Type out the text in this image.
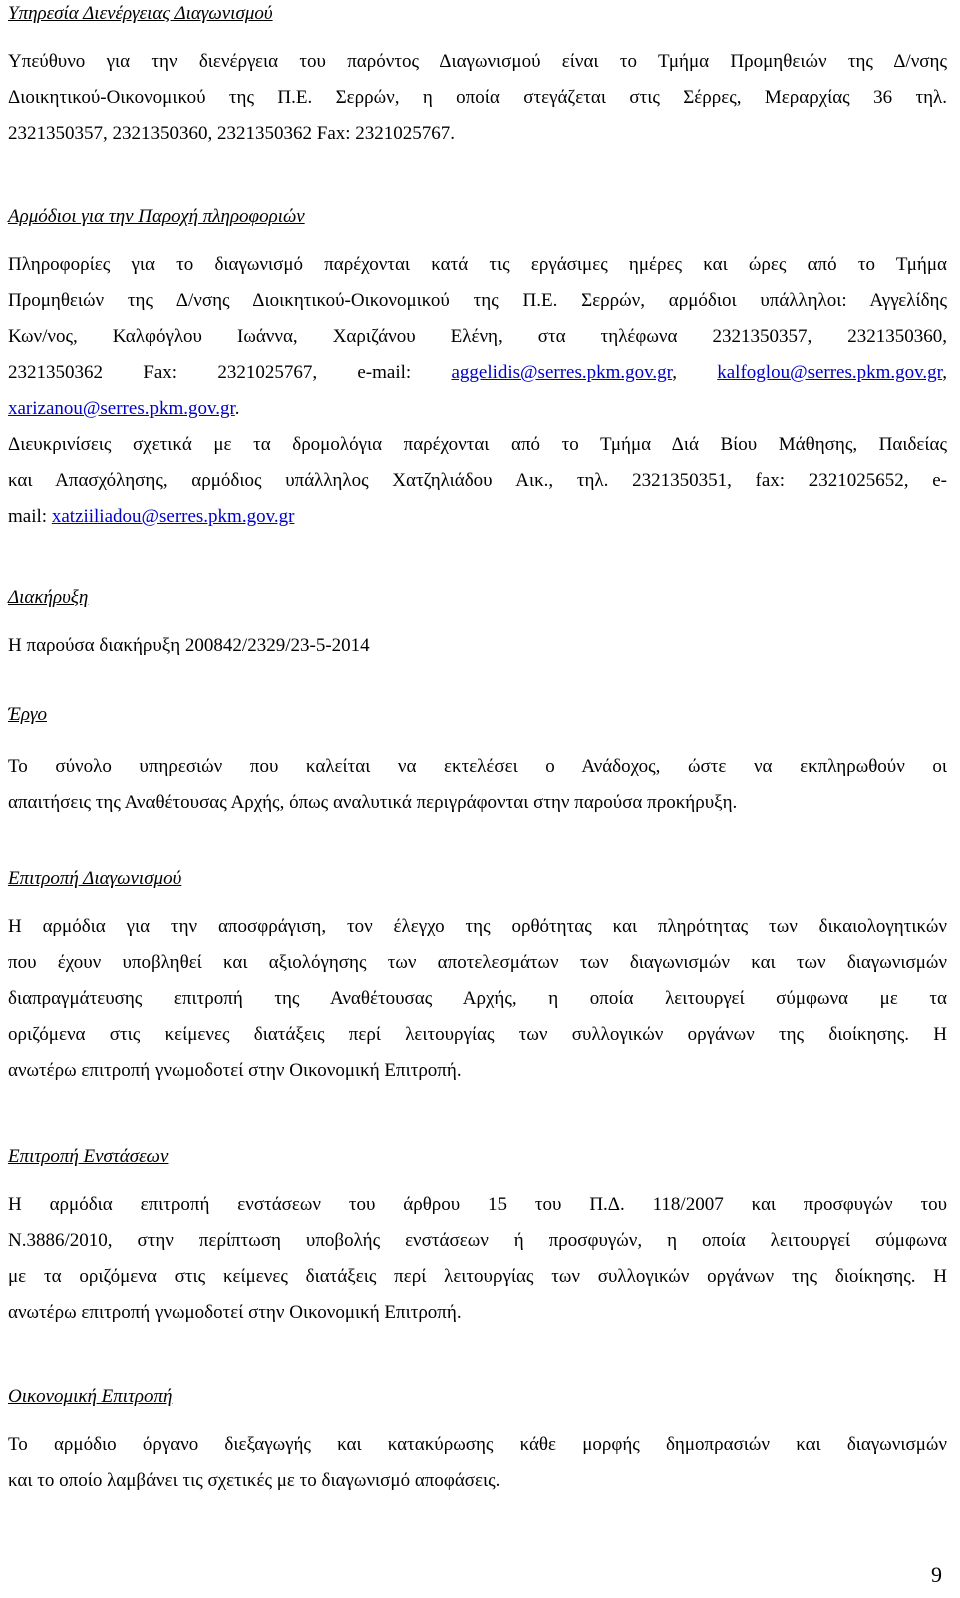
Υπηρεσία Διενέργειας Διαγωνισμού
Υπεύθυνο για την διενέργεια του παρόντος Διαγωνισμού είναι το Τμήμα Προμηθειών της Δ/νσης
Διοικητικού-Οικονομικού της Π.Ε. Σερρών, η οποία στεγάζεται στις Σέρρες, Μεραρχίας 36 τηλ.
2321350357, 2321350360, 2321350362 Fax: 2321025767.
Αρμόδιοι για την Παροχή πληροφοριών
Πληροφορίες για το διαγωνισμό παρέχονται κατά τις εργάσιμες ημέρες και ώρες από το Τμήμα
Προμηθειών της Δ/νσης Διοικητικού-Οικονομικού της Π.Ε. Σερρών, αρμόδιοι υπάλληλοι: Αγγελίδης
Κων/νος, Καλφόγλου Ιωάννα, Χαριζάνου Ελένη, στα τηλέφωνα 2321350357, 2321350360,
2321350362 Fax: 2321025767, e-mail: aggelidis@serres.pkm.gov.gr, kalfoglou@serres.pkm.gov.gr,
xarizanou@serres.pkm.gov.gr.
Διευκρινίσεις σχετικά με τα δρομολόγια παρέχονται από το Τμήμα Διά Βίου Μάθησης, Παιδείας
και Απασχόλησης, αρμόδιος υπάλληλος Χατζηλιάδου Αικ., τηλ. 2321350351, fax: 2321025652, e-
mail: xatziiliadou@serres.pkm.gov.gr
Διακήρυξη
Η παρούσα διακήρυξη 200842/2329/23-5-2014
Έργο
Το σύνολο υπηρεσιών που καλείται να εκτελέσει ο Ανάδοχος, ώστε να εκπληρωθούν οι
απαιτήσεις της Αναθέτουσας Αρχής, όπως αναλυτικά περιγράφονται στην παρούσα προκήρυξη.
Επιτροπή Διαγωνισμού
Η αρμόδια για την αποσφράγιση, τον έλεγχο της ορθότητας και πληρότητας των δικαιολογητικών
που έχουν υποβληθεί και αξιολόγησης των αποτελεσμάτων των διαγωνισμών και των διαγωνισμών
διαπραγμάτευσης επιτροπή της Αναθέτουσας Αρχής, η οποία λειτουργεί σύμφωνα με τα
οριζόμενα στις κείμενες διατάξεις περί λειτουργίας των συλλογικών οργάνων της διοίκησης. Η
ανωτέρω επιτροπή γνωμοδοτεί στην Οικονομική Επιτροπή.
Επιτροπή Ενστάσεων
Η αρμόδια επιτροπή ενστάσεων του άρθρου 15 του Π.Δ. 118/2007 και προσφυγών του
Ν.3886/2010, στην περίπτωση υποβολής ενστάσεων ή προσφυγών, η οποία λειτουργεί σύμφωνα
με τα οριζόμενα στις κείμενες διατάξεις περί λειτουργίας των συλλογικών οργάνων της διοίκησης. Η
ανωτέρω επιτροπή γνωμοδοτεί στην Οικονομική Επιτροπή.
Οικονομική Επιτροπή
Το αρμόδιο όργανο διεξαγωγής και κατακύρωσης κάθε μορφής δημοπρασιών και διαγωνισμών
και το οποίο λαμβάνει τις σχετικές με το διαγωνισμό αποφάσεις.
9
